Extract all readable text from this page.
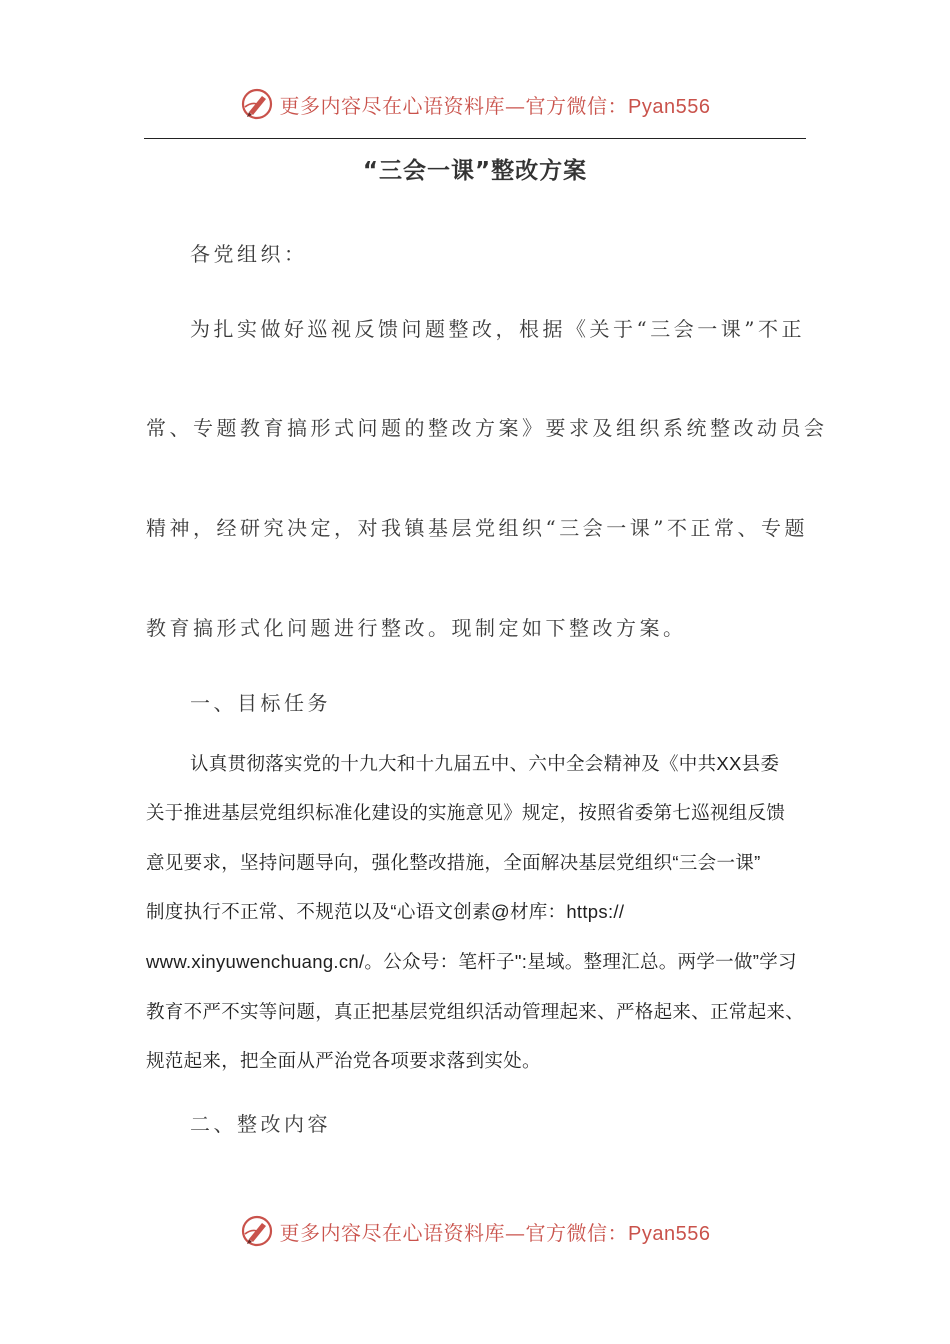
更多内容尽在心语资料库—官方微信：Pyan556
“三会一课”整改方案
各党组织：
为扎实做好巡视反馈问题整改，根据《关于“三会一课”不正
常、专题教育搞形式问题的整改方案》要求及组织系统整改动员会
精神，经研究决定，对我镇基层党组织“三会一课”不正常、专题
教育搞形式化问题进行整改。现制定如下整改方案。
一、目标任务
认真贯彻落实党的十九大和十九届五中、六中全会精神及《中共XX县委
关于推进基层党组织标准化建设的实施意见》规定，按照省委第七巡视组反馈
意见要求，坚持问题导向，强化整改措施，全面解决基层党组织“三会一课”
制度执行不正常、不规范以及“心语文创素@材库：https://
www.xinyuwenchuang.cn/。公众号：笔杆子":星域。整理汇总。两学一做”学习
教育不严不实等问题，真正把基层党组织活动管理起来、严格起来、正常起来、
规范起来，把全面从严治党各项要求落到实处。
二、整改内容
更多内容尽在心语资料库—官方微信：Pyan556
